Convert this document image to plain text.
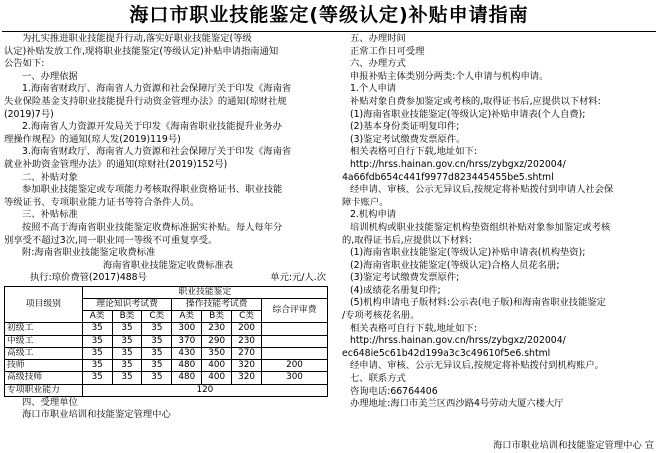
海口市职业技能鉴定(等级认定)补贴申请指南

为扎实推进职业技能提升行动,落实好职业技能鉴定(等级

认定)补贴发放工作,现将职业技能鉴定(等级认定)补贴申请指南通知

公告如下:

一、办理依据

1.海南省财政厅、海南省人力资源和社会保障厅关于印发《海南省

失业保险基金支持职业技能提升行动资金管理办法》的通知(琼财社规

(2019)7号)

2.海南省人力资源开发局关于印发《海南省职业技能提升业务办

理操作规程》的通知(琼人发(2019)119号)

3.海南省财政厅、海南省人力资源和社会保障厅关于印发《海南省

就业补助资金管理办法》的通知(琼财社(2019)152号)

二、补贴对象

参加职业技能鉴定或专项能力考核取得职业资格证书、职业技能

等级证书、专项职业能力证书等符合条件人员。

三、补贴标准

按照不高于海南省职业技能鉴定收费标准据实补贴。每人每年分

别享受不超过3次,同一职业同一等级不可重复享受。

附:海南省职业技能鉴定收费标准

海南省职业技能鉴定收费标准表

执行:琼价费管(2017)488号	单元:元/人.次
项目级别	职业技能鉴定						
	理论知识考试费			操作技能考试费			综合评审费
	A类	B类	C类	A类	B类	C类	
初级工	35	35	35	300	230	200	
中级工	35	35	35	370	290	230	
高级工	35	35	35	430	350	270	
技师	35	35	35	480	400	320	200
高级技师	35	35	35	480	400	320	300
专项职业能力	120						

四、受理单位

海口市职业培训和技能鉴定管理中心

五、办理时间

正常工作日可受理

六、办理方式

申报补贴主体类别分两类:个人申请与机构申请。

1.个人申请

补贴对象自费参加鉴定或考核的,取得证书后,应提供以下材料:

(1)海南省职业技能鉴定(等级认定)补贴申请表(个人自费);

(2)基本身份类证明复印件;

(3)鉴定考试缴费发票原件。

相关表格可自行下载,地址如下:

http://hrss.hainan.gov.cn/hrss/zybgxz/202004/

4a66fdb654c441f9977d823445455be5.shtml

经申请、审核、公示无异议后,按规定将补贴拨付到申请人社会保

障卡账户。

2.机构申请

培训机构或职业技能鉴定机构垫资组织补贴对象参加鉴定或考核

的,取得证书后,应提供以下材料:

(1)海南省职业技能鉴定(等级认定)补贴申请表(机构垫资);

(2)海南省职业技能鉴定(等级认定)合格人员花名册;

(3)鉴定考试缴费发票原件;

(4)成绩花名册复印件;

(5)机构申请电子版材料:公示表(电子版)和海南省职业技能鉴定

/专项考核花名册。

相关表格可自行下载,地址如下:

http://hrss.hainan.gov.cn/hrss/zybgxz/202004/

ec648ie5c61b42d199a3c3c49610f5e6.shtml

经申请、审核、公示无异议后,按规定将补贴拨付到机构账户。

七、联系方式

咨询电话:66764406

办理地址:海口市美兰区西沙路4号劳动大厦六楼大厅

海口市职业培训和技能鉴定管理中心 宣
